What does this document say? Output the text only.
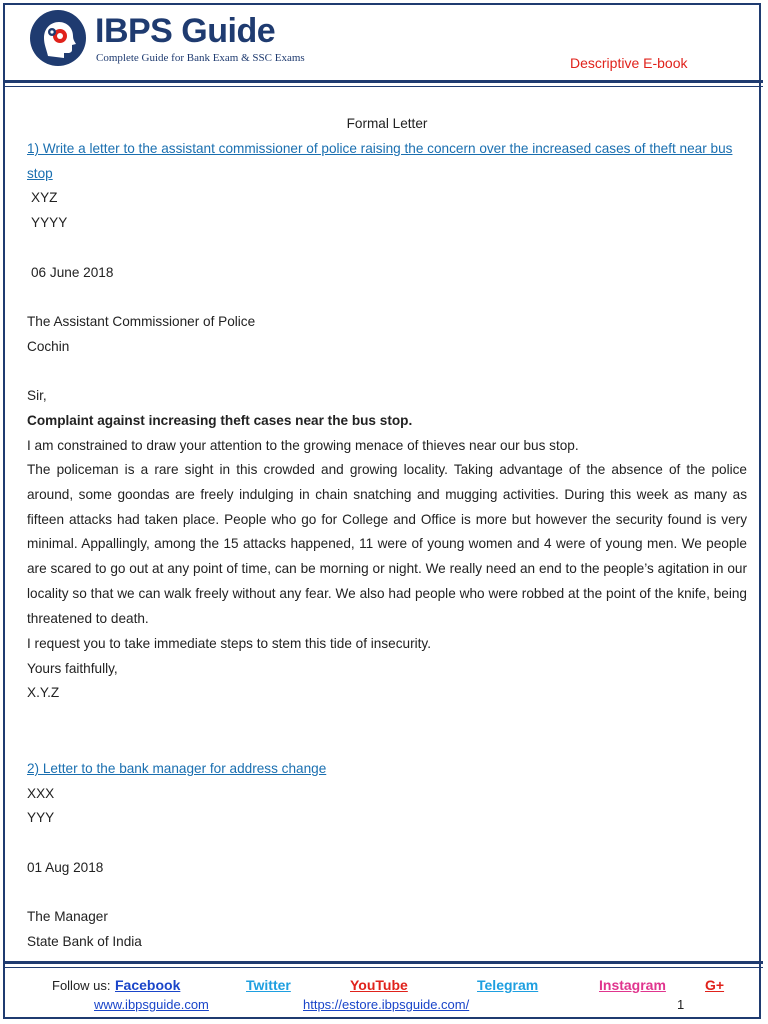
IBPS Guide
Complete Guide for Bank Exam & SSC Exams	Descriptive E-book
Formal Letter
1) Write a letter to the assistant commissioner of police raising the concern over the increased cases of theft near bus
stop
XYZ
YYYY
06 June 2018
The Assistant Commissioner of Police
Cochin
Sir,
Complaint against increasing theft cases near the bus stop.
I am constrained to draw your attention to the growing menace of thieves near our bus stop.
The policeman is a rare sight in this crowded and growing locality. Taking advantage of the absence of the police around, some goondas are freely indulging in chain snatching and mugging activities. During this week as many as fifteen attacks had taken place. People who go for College and Office is more but however the security found is very minimal. Appallingly, among the 15 attacks happened, 11 were of young women and 4 were of young men. We people are scared to go out at any point of time, can be morning or night. We really need an end to the people’s agitation in our locality so that we can walk freely without any fear. We also had people who were robbed at the point of the knife, being threatened to death.
I request you to take immediate steps to stem this tide of insecurity.
Yours faithfully,
X.Y.Z
2) Letter to the bank manager for address change
XXX
YYY
01 Aug 2018
The Manager
State Bank of India
Follow us: Facebook	Twitter	YouTube	Telegram	Instagram	G+
www.ibpsguide.com	https://estore.ibpsguide.com/	1
